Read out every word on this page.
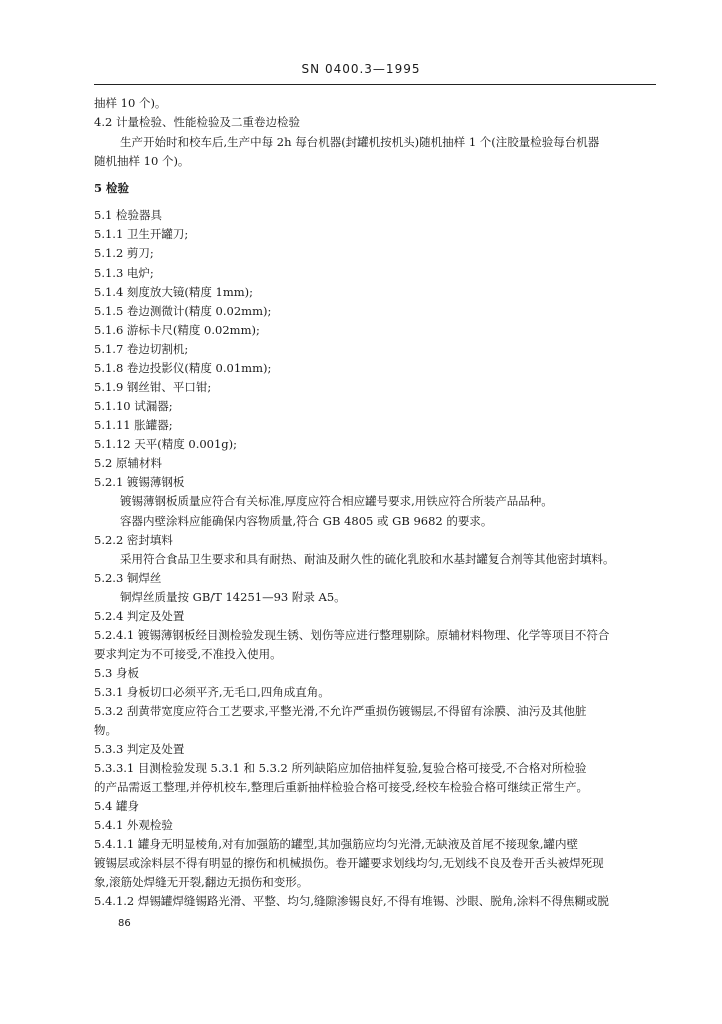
SN 0400.3—1995
抽样 10 个)。
4.2 计量检验、性能检验及二重卷边检验
生产开始时和校车后,生产中每 2h 每台机器(封罐机按机头)随机抽样 1 个(注胶量检验每台机器
随机抽样 10 个)。
5 检验
5.1 检验器具
5.1.1 卫生开罐刀;
5.1.2 剪刀;
5.1.3 电炉;
5.1.4 刻度放大镜(精度 1mm);
5.1.5 卷边测微计(精度 0.02mm);
5.1.6 游标卡尺(精度 0.02mm);
5.1.7 卷边切割机;
5.1.8 卷边投影仪(精度 0.01mm);
5.1.9 钢丝钳、平口钳;
5.1.10 试漏器;
5.1.11 胀罐器;
5.1.12 天平(精度 0.001g);
5.2 原辅材料
5.2.1 镀锡薄钢板
镀锡薄钢板质量应符合有关标准,厚度应符合相应罐号要求,用铁应符合所装产品品种。
容器内壁涂料应能确保内容物质量,符合 GB 4805 或 GB 9682 的要求。
5.2.2 密封填料
采用符合食品卫生要求和具有耐热、耐油及耐久性的硫化乳胶和水基封罐复合剂等其他密封填料。
5.2.3 铜焊丝
铜焊丝质量按 GB/T 14251—93 附录 A5。
5.2.4 判定及处置
5.2.4.1 镀锡薄钢板经目测检验发现生锈、划伤等应进行整理剔除。原辅材料物理、化学等项目不符合
要求判定为不可接受,不准投入使用。
5.3 身板
5.3.1 身板切口必须平齐,无毛口,四角成直角。
5.3.2 刮黄带宽度应符合工艺要求,平整光滑,不允许严重损伤镀锡层,不得留有涂膜、油污及其他脏
物。
5.3.3 判定及处置
5.3.3.1 目测检验发现 5.3.1 和 5.3.2 所列缺陷应加倍抽样复验,复验合格可接受,不合格对所检验
的产品需返工整理,并停机校车,整理后重新抽样检验合格可接受,经校车检验合格可继续正常生产。
5.4 罐身
5.4.1 外观检验
5.4.1.1 罐身无明显棱角,对有加强筋的罐型,其加强筋应均匀光滑,无缺液及首尾不接现象,罐内壁
镀锡层或涂料层不得有明显的擦伤和机械损伤。卷开罐要求划线均匀,无划线不良及卷开舌头被焊死现
象,滚筋处焊缝无开裂,翻边无损伤和变形。
5.4.1.2 焊锡罐焊缝锡路光滑、平整、均匀,缝隙渗锡良好,不得有堆锡、沙眼、脱角,涂料不得焦糊或脱
86
